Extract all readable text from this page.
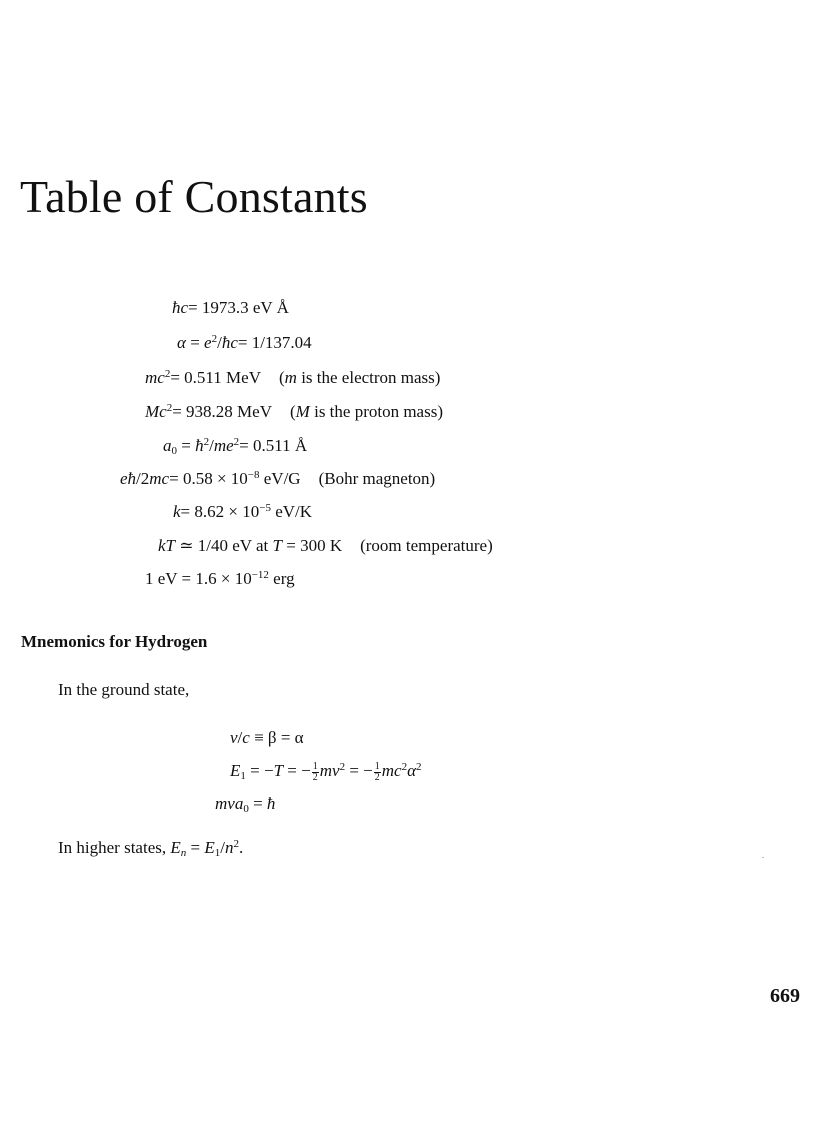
Table of Constants
ħc= 1973.3 eV Å
$\alpha = e^2/ħc= 1/137.04$
$mc^2= 0.511$ MeV (m is the electron mass)
$Mc^2= 938.28$ MeV (M is the proton mass)
$a_0$ = $ħ^2/me^2= 0.511$ Å
eħ/2mc= $0.58 \times 10^{-8}$ eV/G (Bohr magneton)
$k= 8.62 \times 10^{-5}$ eV/K
kT ≃ 1/40 eV at T = 300 K (room temperature)
1 eV = $1.6 \times 10^{-12}$ erg
Mnemonics for Hydrogen
In the ground state,
v/c ≡ β = α
$E_1 = -T$ = − $\frac{1}{2} mv^2$ = − $\frac{1}{2} mc^2\alpha^2$
mva$_0$ = ħ
In higher states, $E_n = E_1/n^2$.
669
